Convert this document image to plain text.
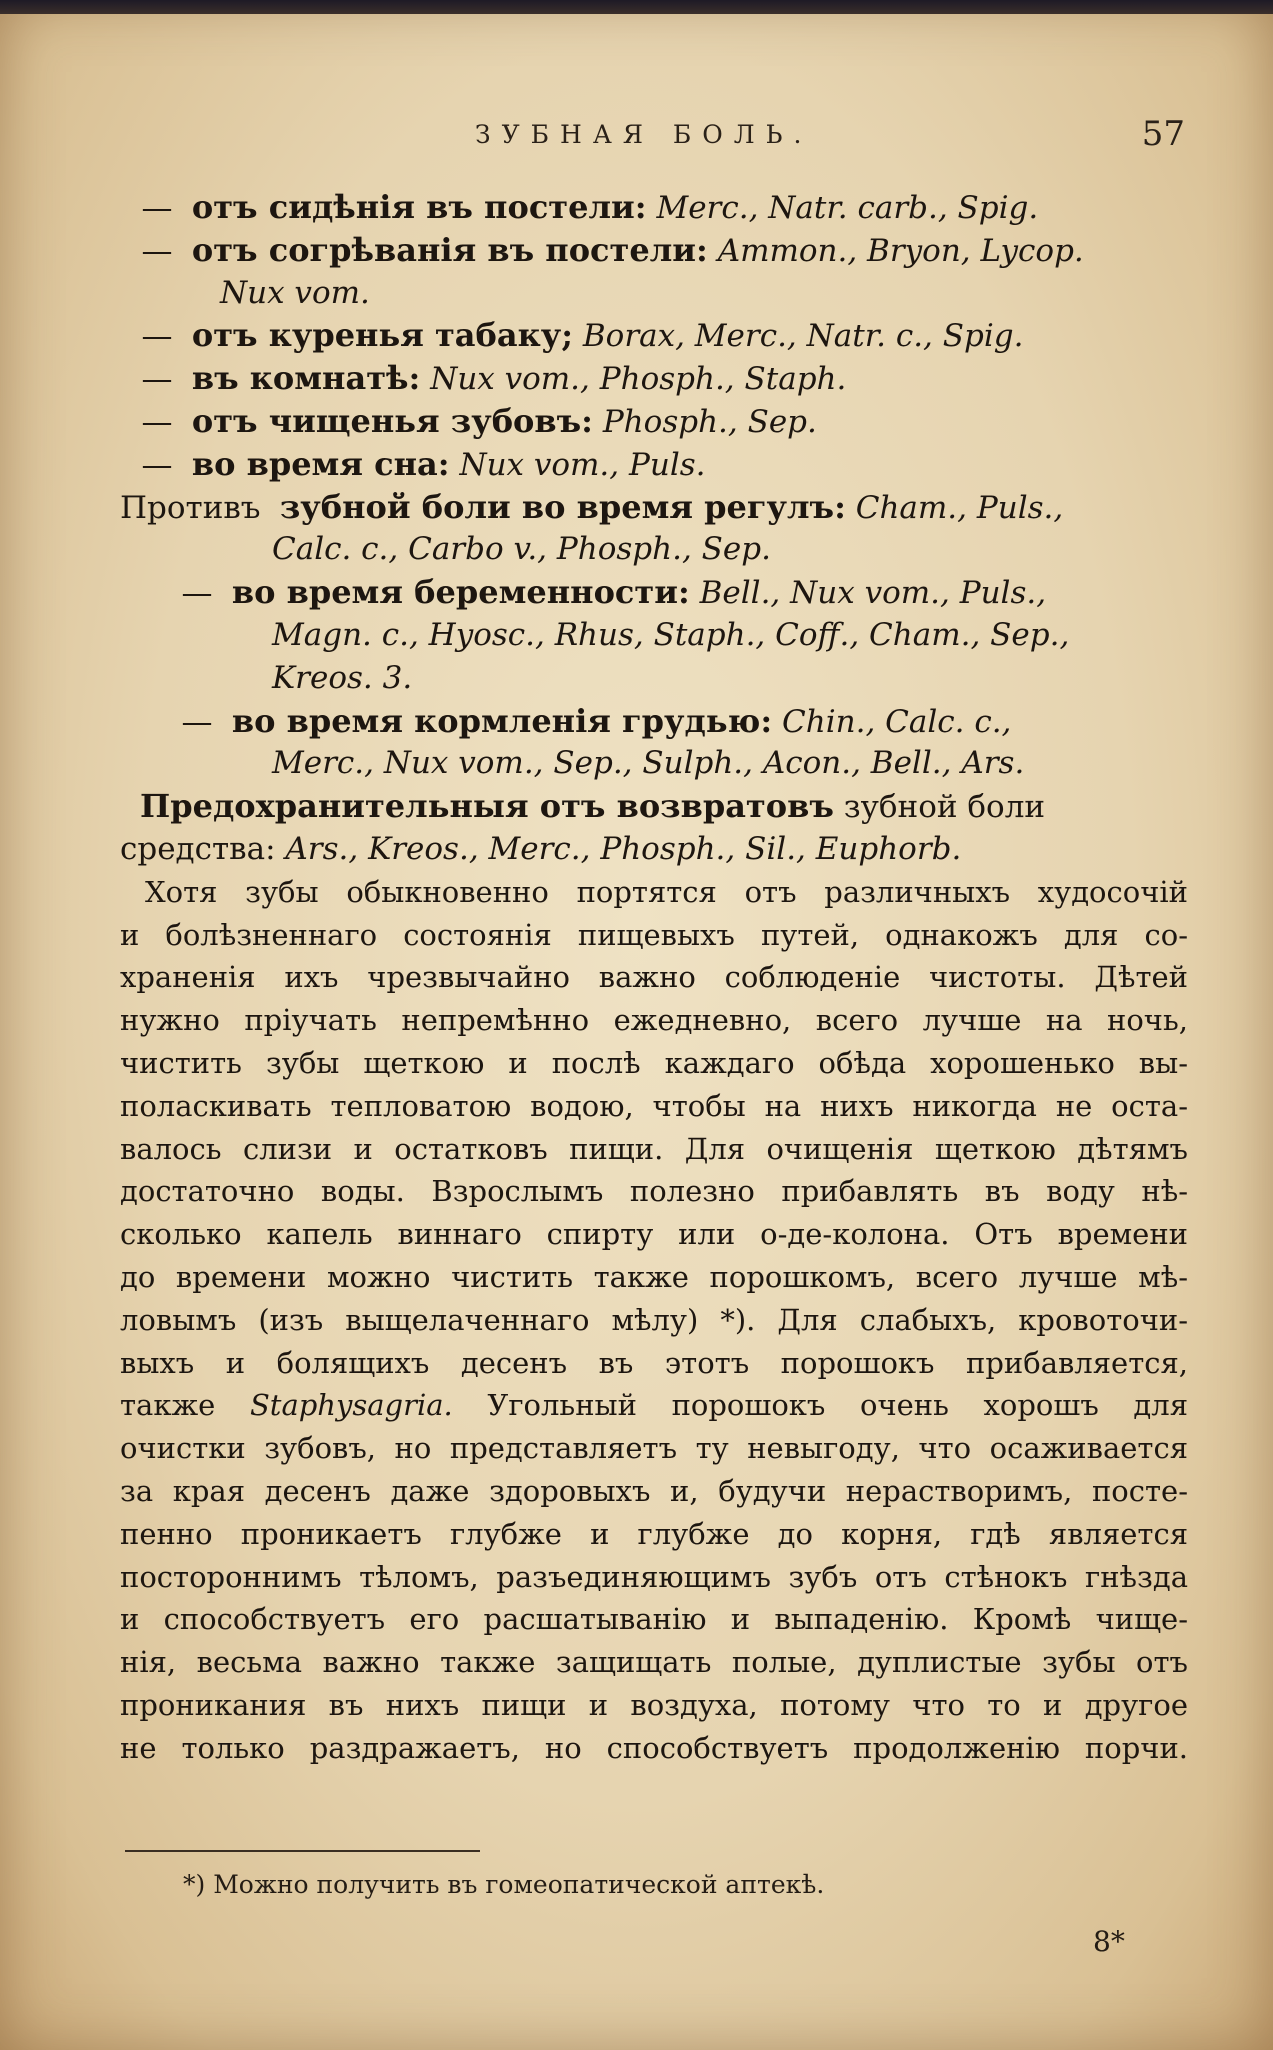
ЗУБНАЯ БОЛЬ.	57
— отъ сидѣнія въ постели: Merc., Natr. carb., Spig.
— отъ согрѣванія въ постели: Ammon., Bryon, Lycop.
Nux vom.
— отъ куренья табаку; Borax, Merc., Natr. c., Spig.
— въ комнатѣ: Nux vom., Phosph., Staph.
— отъ чищенья зубовъ: Phosph., Sep.
— во время сна: Nux vom., Puls.
Противъ зубной боли во время регулъ: Cham., Puls.,
Calc. c., Carbo v., Phosph., Sep.
— во время беременности: Bell., Nux vom., Puls.,
Magn. c., Hyosc., Rhus, Staph., Coff., Cham., Sep.,
Kreos. 3.
— во время кормленія грудью: Chin., Calc. c.,
Merc., Nux vom., Sep., Sulph., Acon., Bell., Ars.
Предохранительныя отъ возвратовъ зубной боли
средства: Ars., Kreos., Merc., Phosph., Sil., Euphorb.
Хотя зубы обыкновенно портятся отъ различныхъ худосочій
и болѣзненнаго состоянія пищевыхъ путей, однакожъ для со-
храненія ихъ чрезвычайно важно соблюденіе чистоты. Дѣтей
нужно пріучать непремѣнно ежедневно, всего лучше на ночь,
чистить зубы щеткою и послѣ каждаго обѣда хорошенько вы-
поласкивать тепловатою водою, чтобы на нихъ никогда не оста-
валось слизи и остатковъ пищи. Для очищенія щеткою дѣтямъ
достаточно воды. Взрослымъ полезно прибавлять въ воду нѣ-
сколько капель виннаго спирту или о-де-колона. Отъ времени
до времени можно чистить также порошкомъ, всего лучше мѣ-
ловымъ (изъ выщелаченнаго мѣлу) *). Для слабыхъ, кровоточи-
выхъ и болящихъ десенъ въ этотъ порошокъ прибавляется,
также Staphysagria. Угольный порошокъ очень хорошъ для
очистки зубовъ, но представляетъ ту невыгоду, что осаживается
за края десенъ даже здоровыхъ и, будучи нерастворимъ, посте-
пенно проникаетъ глубже и глубже до корня, гдѣ является
постороннимъ тѣломъ, разъединяющимъ зубъ отъ стѣнокъ гнѣзда
и способствуетъ его расшатыванію и выпаденію. Кромѣ чище-
нія, весьма важно также защищать полые, дуплистые зубы отъ
проникания въ нихъ пищи и воздуха, потому что то и другое
не только раздражаетъ, но способствуетъ продолженію порчи.
*) Можно получить въ гомеопатической аптекѣ.
8*
